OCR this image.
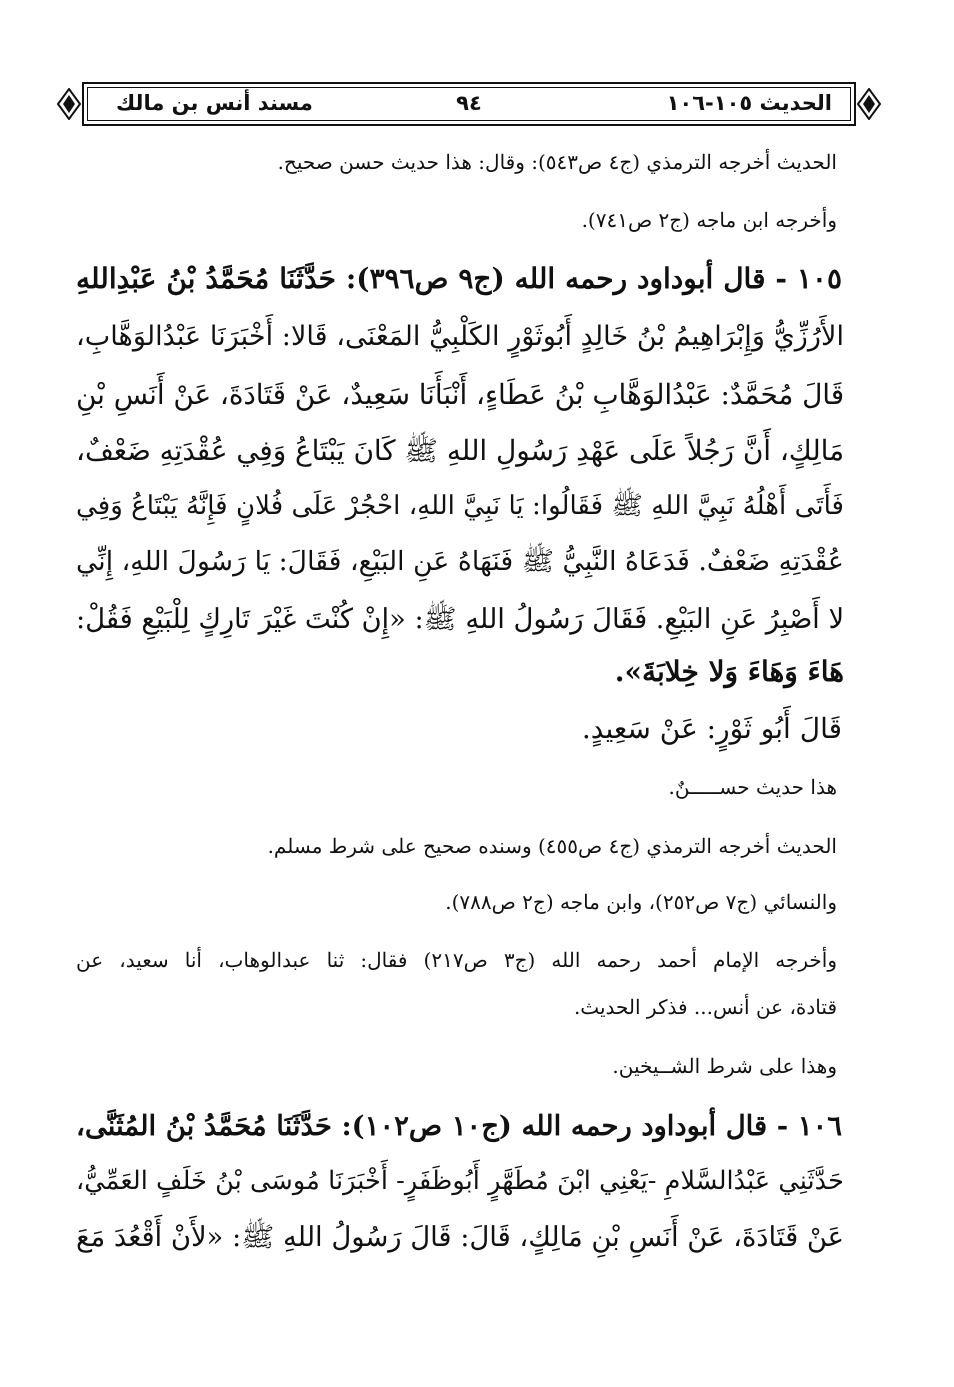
الحديث ١٠٥-١٠٦
٩٤
مسند أنس بن مالك
الحديث أخرجه الترمذي (ج٤ ص٥٤٣): وقال: هذا حديث حسن صحيح.
وأخرجه ابن ماجه (ج٢ ص٧٤١).
١٠٥ - قال أبوداود رحمه الله (ج٩ ص٣٩٦): حَدَّثَنَا مُحَمَّدُ بْنُ عَبْدِاللهِ
الأَرُزِّيُّ وَإِبْرَاهِيمُ بْنُ خَالِدٍ أَبُوثَوْرٍ الكَلْبِيُّ المَعْنَى، قَالا: أَخْبَرَنَا عَبْدُالوَهَّابِ،
قَالَ مُحَمَّدٌ: عَبْدُالوَهَّابِ بْنُ عَطَاءٍ، أَنْبَأَنَا سَعِيدٌ، عَنْ قَتَادَةَ، عَنْ أَنَسِ بْنِ
مَالِكٍ، أَنَّ رَجُلاً عَلَى عَهْدِ رَسُولِ اللهِ ﷺ كَانَ يَبْتَاعُ وَفِي عُقْدَتِهِ ضَعْفٌ،
فَأَتَى أَهْلُهُ نَبِيَّ اللهِ ﷺ فَقَالُوا: يَا نَبِيَّ اللهِ، احْجُرْ عَلَى فُلانٍ فَإِنَّهُ يَبْتَاعُ وَفِي
عُقْدَتِهِ ضَعْفٌ. فَدَعَاهُ النَّبِيُّ ﷺ فَنَهَاهُ عَنِ البَيْعِ، فَقَالَ: يَا رَسُولَ اللهِ، إِنِّي
لا أَصْبِرُ عَنِ البَيْعِ. فَقَالَ رَسُولُ اللهِ ﷺ: «إِنْ كُنْتَ غَيْرَ تَارِكٍ لِلْبَيْعِ فَقُلْ:
هَاءَ وَهَاءَ وَلا خِلابَةَ».
قَالَ أَبُو ثَوْرٍ: عَنْ سَعِيدٍ.
هذا حديث حســـــنٌ.
الحديث أخرجه الترمذي (ج٤ ص٤٥٥) وسنده صحيح على شرط مسلم.
والنسائي (ج٧ ص٢٥٢)، وابن ماجه (ج٢ ص٧٨٨).
وأخرجه الإمام أحمد رحمه الله (ج٣ ص٢١٧) فقال: ثنا عبدالوهاب، أنا سعيد، عن
قتادة، عن أنس... فذكر الحديث.
وهذا على شرط الشــيخين.
١٠٦ - قال أبوداود رحمه الله (ج١٠ ص١٠٢): حَدَّثَنَا مُحَمَّدُ بْنُ المُثَنَّى،
حَدَّثَنِي عَبْدُالسَّلامِ -يَعْنِي ابْنَ مُطَهَّرٍ أَبُوظَفَرٍ- أَخْبَرَنَا مُوسَى بْنُ خَلَفٍ العَمِّيُّ،
عَنْ قَتَادَةَ، عَنْ أَنَسِ بْنِ مَالِكٍ، قَالَ: قَالَ رَسُولُ اللهِ ﷺ: «لأَنْ أَقْعُدَ مَعَ
